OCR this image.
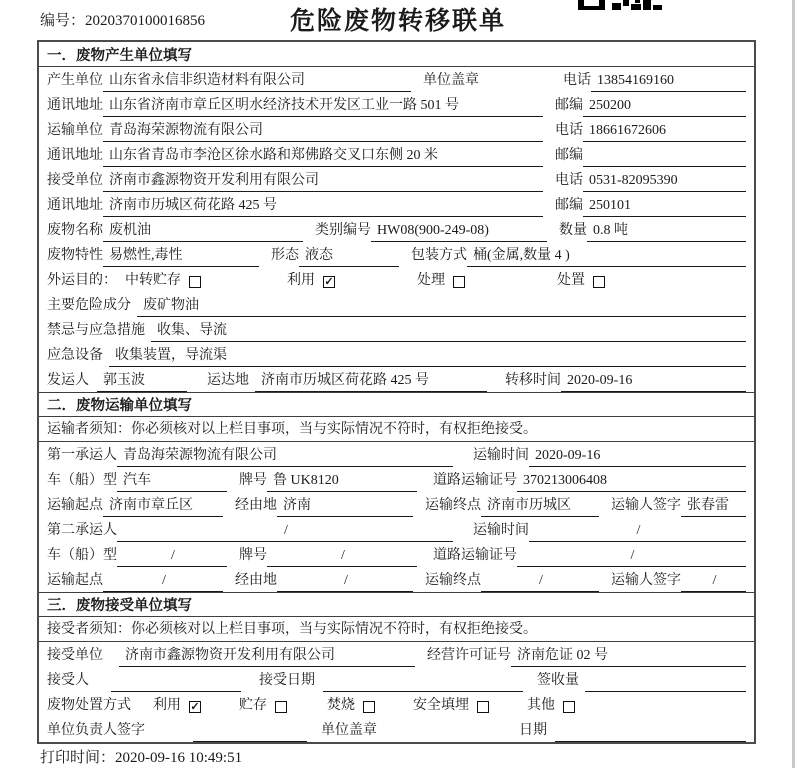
编号：2020370100016856	危险废物转移联单
一．废物产生单位填写
产生单位 山东省永信非织造材料有限公司	单位盖章	电话 13854169160
通讯地址 山东省济南市章丘区明水经济技术开发区工业一路 501 号	邮编 250200
运输单位 青岛海荣源物流有限公司	电话 18661672606
通讯地址 山东省青岛市李沧区徐水路和郑佛路交叉口东侧 20 米	邮编
接受单位 济南市鑫源物资开发利用有限公司	电话 0531-82095390
通讯地址 济南市历城区荷花路 425 号	邮编 250101
废物名称 废机油	类别编号 HW08(900-249-08)	数量 0.8 吨
废物特性 易燃性,毒性	形态 液态	包装方式 桶(金属,数量 4 )
外运目的： 中转贮存	利用 ✓	处理	处置
主要危险成分 废矿物油
禁忌与应急措施 收集、导流
应急设备 收集装置，导流渠
发运人	郭玉波	运达地 济南市历城区荷花路 425 号	转移时间 2020-09-16
二．废物运输单位填写
运输者须知：你必须核对以上栏目事项，当与实际情况不符时，有权拒绝接受。
第一承运人 青岛海荣源物流有限公司	运输时间 2020-09-16
车（船）型 汽车	牌号 鲁 UK8120	道路运输证号 370213006408
运输起点 济南市章丘区	经由地 济南	运输终点 济南市历城区	运输人签字 张春雷
第二承运人	/	运输时间	/
车（船）型	/	牌号	/	道路运输证号	/
运输起点	/	经由地	/	运输终点	/	运输人签字	/
三．废物接受单位填写
接受者须知：你必须核对以上栏目事项，当与实际情况不符时，有权拒绝接受。
接受单位	济南市鑫源物资开发利用有限公司	经营许可证号 济南危证 02 号
接受人	接受日期	签收量
废物处置方式 利用 ✓	贮存	焚烧	安全填埋	其他
单位负责人签字	单位盖章	日期
打印时间：2020-09-16 10:49:51
